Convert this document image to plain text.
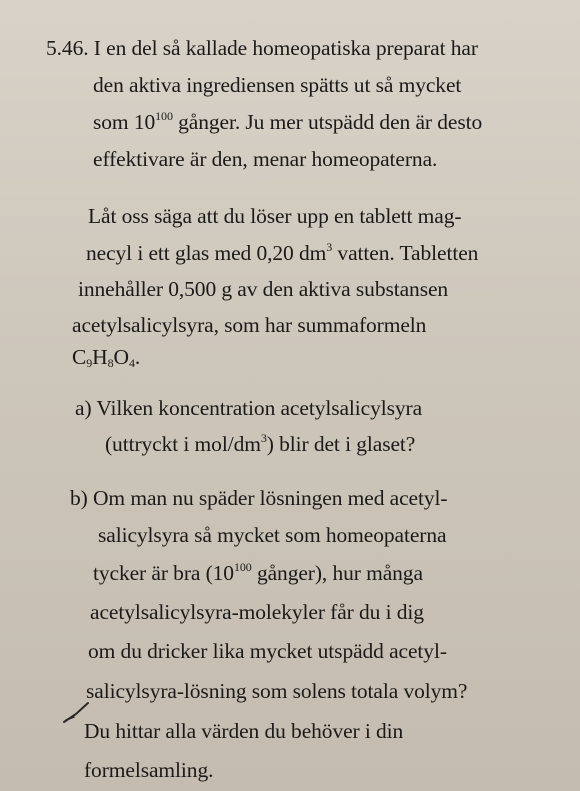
5.46. I en del så kallade homeopatiska preparat har
den aktiva ingrediensen spätts ut så mycket
som $10^{100}$ gånger. Ju mer utspädd den är desto
effektivare är den, menar homeopaterna.
Låt oss säga att du löser upp en tablett mag-
necyl i ett glas med 0,20 $dm^3$ vatten. Tabletten
innehåller 0,500 g av den aktiva substansen
acetylsalicylsyra, som har summaformeln
$C_9H_8O_4$.
a) Vilken koncentration acetylsalicylsyra
(uttryckt i mol/$dm^3$) blir det i glaset?
b) Om man nu späder lösningen med acetyl-
salicylsyra så mycket som homeopaterna
tycker är bra ($10^{100}$ gånger), hur många
acetylsalicylsyra-molekyler får du i dig
om du dricker lika mycket utspädd acetyl-
salicylsyra-lösning som solens totala volym?
Du hittar alla värden du behöver i din
formelsamling.
